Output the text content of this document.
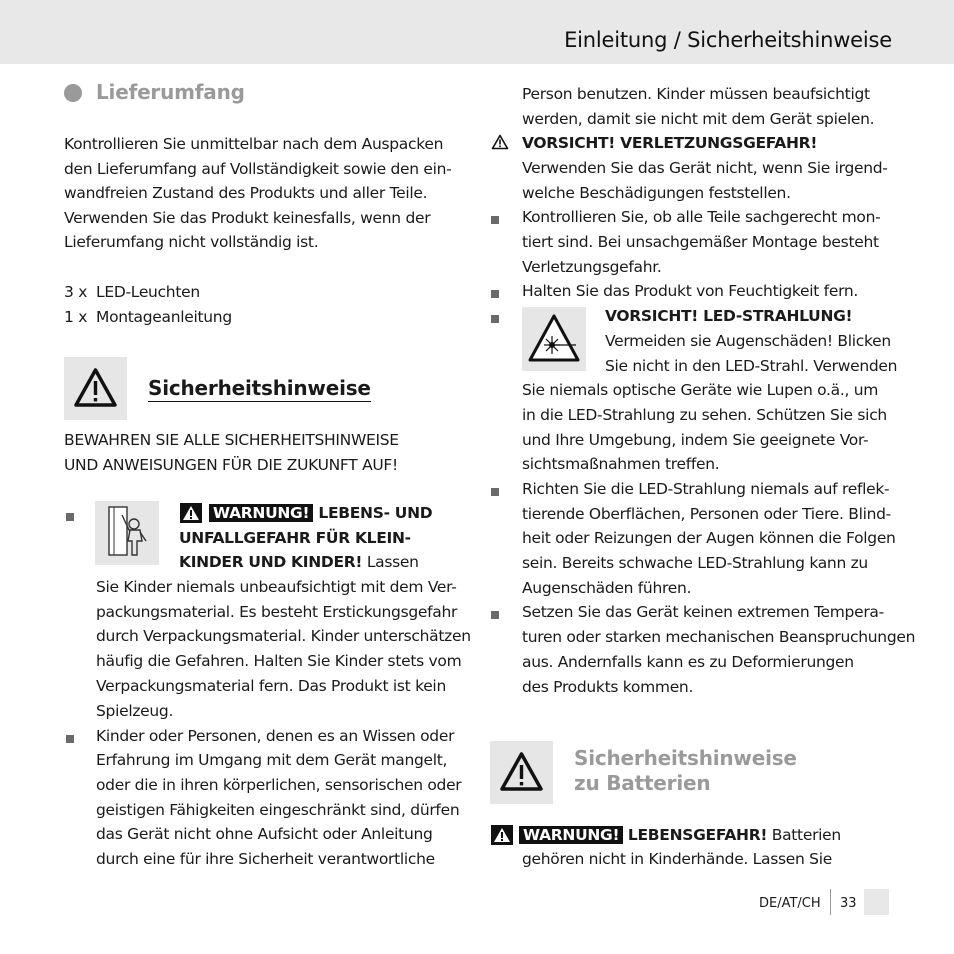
Einleitung / Sicherheitshinweise
Lieferumfang
Kontrollieren Sie unmittelbar nach dem Auspacken
den Lieferumfang auf Vollständigkeit sowie den ein-
wandfreien Zustand des Produkts und aller Teile.
Verwenden Sie das Produkt keinesfalls, wenn der
Lieferumfang nicht vollständig ist.
3 x LED-Leuchten
1 x Montageanleitung
Sicherheitshinweise
BEWAHREN SIE ALLE SICHERHEITSHINWEISE
UND ANWEISUNGEN FÜR DIE ZUKUNFT AUF!
WARNUNG! LEBENS- UND
UNFALLGEFAHR FÜR KLEIN-
KINDER UND KINDER! Lassen
Sie Kinder niemals unbeaufsichtigt mit dem Ver-
packungsmaterial. Es besteht Erstickungsgefahr
durch Verpackungsmaterial. Kinder unterschätzen
häufig die Gefahren. Halten Sie Kinder stets vom
Verpackungsmaterial fern. Das Produkt ist kein
Spielzeug.
Kinder oder Personen, denen es an Wissen oder
Erfahrung im Umgang mit dem Gerät mangelt,
oder die in ihren körperlichen, sensorischen oder
geistigen Fähigkeiten eingeschränkt sind, dürfen
das Gerät nicht ohne Aufsicht oder Anleitung
durch eine für ihre Sicherheit verantwortliche
Person benutzen. Kinder müssen beaufsichtigt
werden, damit sie nicht mit dem Gerät spielen.
VORSICHT! VERLETZUNGSGEFAHR!
Verwenden Sie das Gerät nicht, wenn Sie irgend-
welche Beschädigungen feststellen.
Kontrollieren Sie, ob alle Teile sachgerecht mon-
tiert sind. Bei unsachgemäßer Montage besteht
Verletzungsgefahr.
Halten Sie das Produkt von Feuchtigkeit fern.
VORSICHT! LED-STRAHLUNG!
Vermeiden sie Augenschäden! Blicken
Sie nicht in den LED-Strahl. Verwenden
Sie niemals optische Geräte wie Lupen o.ä., um
in die LED-Strahlung zu sehen. Schützen Sie sich
und Ihre Umgebung, indem Sie geeignete Vor-
sichtsmaßnahmen treffen.
Richten Sie die LED-Strahlung niemals auf reflek-
tierende Oberflächen, Personen oder Tiere. Blind-
heit oder Reizungen der Augen können die Folgen
sein. Bereits schwache LED-Strahlung kann zu
Augenschäden führen.
Setzen Sie das Gerät keinen extremen Tempera-
turen oder starken mechanischen Beanspruchungen
aus. Andernfalls kann es zu Deformierungen
des Produkts kommen.
Sicherheitshinweise
zu Batterien
WARNUNG! LEBENSGEFAHR! Batterien
gehören nicht in Kinderhände. Lassen Sie
DE/AT/CH 33
